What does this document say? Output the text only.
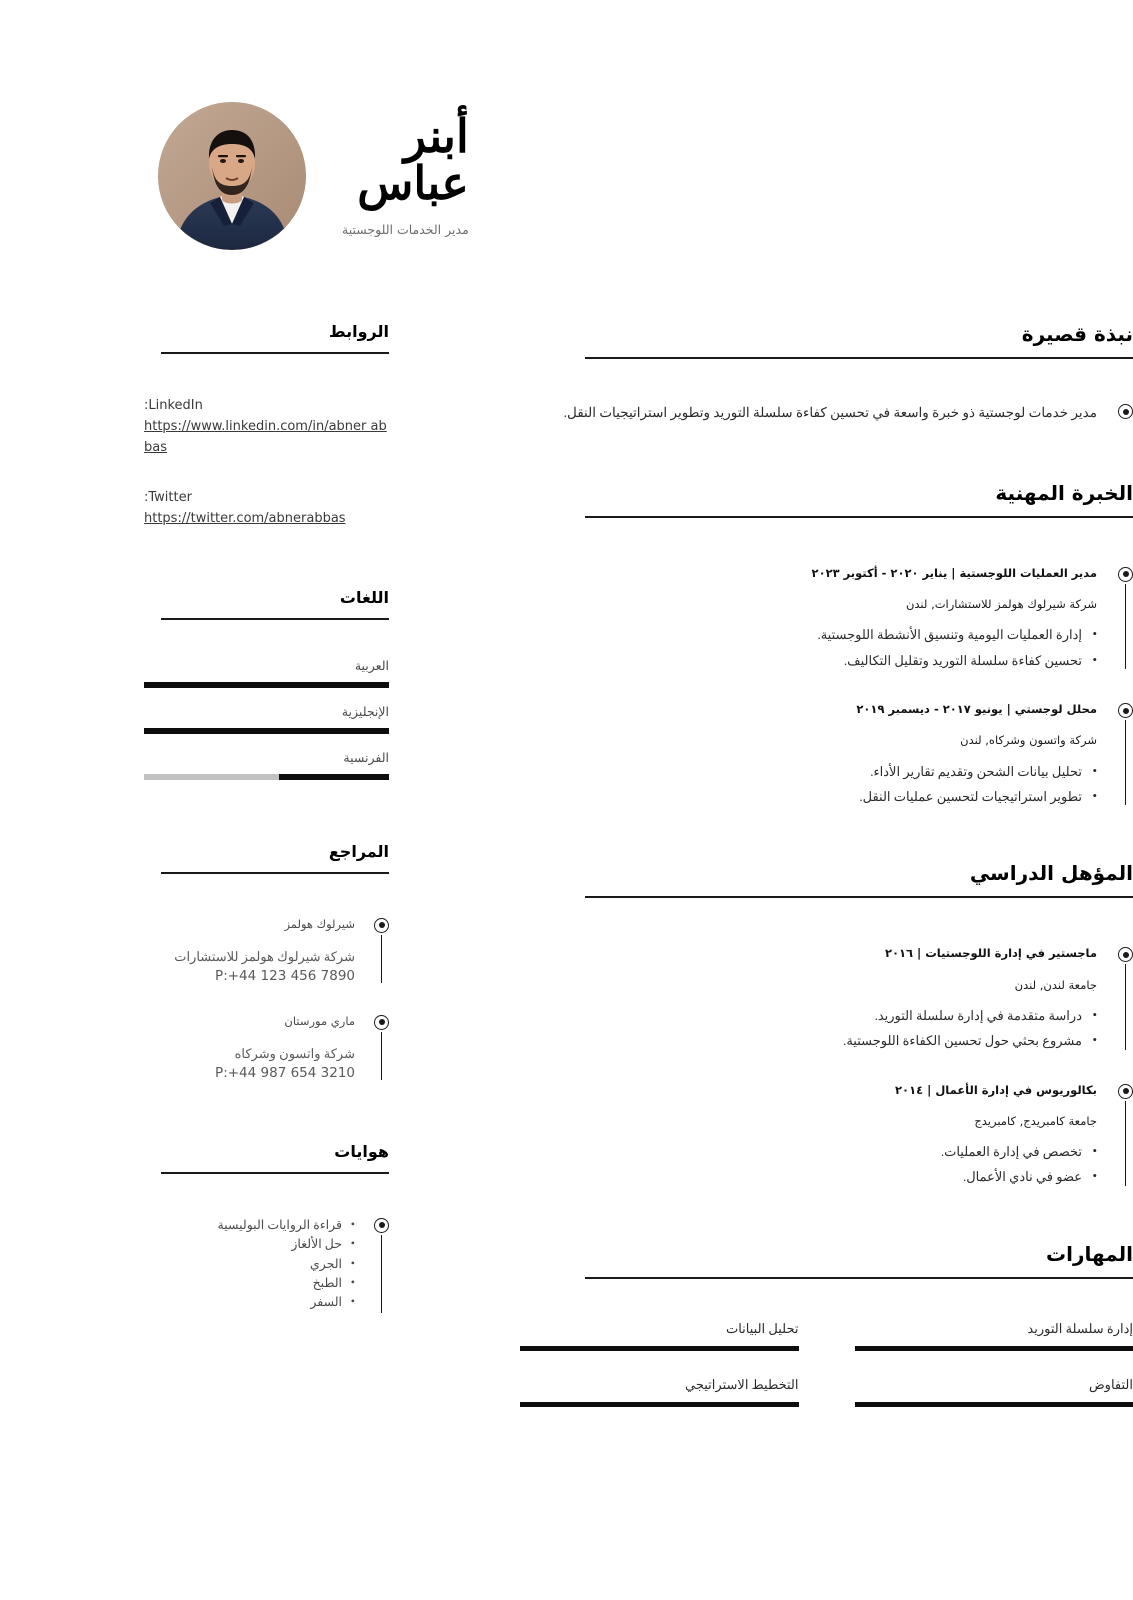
أبنر
عباس
مدير الخدمات اللوجستية
نبذة قصيرة
مدير خدمات لوجستية ذو خبرة واسعة في تحسين كفاءة سلسلة التوريد وتطوير استراتيجيات النقل.
الخبرة المهنية
مدير العمليات اللوجستية | يناير ٢٠٢٠ - أكتوبر ٢٠٢٣
شركة شيرلوك هولمز للاستشارات, لندن
• إدارة العمليات اليومية وتنسيق الأنشطة اللوجستية.
• تحسين كفاءة سلسلة التوريد وتقليل التكاليف.
محلل لوجستي | يونيو ٢٠١٧ - ديسمبر ٢٠١٩
شركة واتسون وشركاه, لندن
• تحليل بيانات الشحن وتقديم تقارير الأداء.
• تطوير استراتيجيات لتحسين عمليات النقل.
المؤهل الدراسي
ماجستير في إدارة اللوجستيات | ٢٠١٦
جامعة لندن, لندن
• دراسة متقدمة في إدارة سلسلة التوريد.
• مشروع بحثي حول تحسين الكفاءة اللوجستية.
بكالوريوس في إدارة الأعمال | ٢٠١٤
جامعة كامبريدج, كامبريدج
• تخصص في إدارة العمليات.
• عضو في نادي الأعمال.
المهارات
إدارة سلسلة التوريد
التفاوض
تحليل البيانات
التخطيط الاستراتيجي
الروابط
:LinkedIn
https://www.linkedin.com/in/abner abbas
:Twitter
https://twitter.com/abnerabbas
اللغات
العربية
الإنجليزية
الفرنسية
المراجع
شيرلوك هولمز
شركة شيرلوك هولمز للاستشارات
P:+44 123 456 7890
ماري مورستان
شركة واتسون وشركاه
P:+44 987 654 3210
هوايات
• قراءة الروايات البوليسية
• حل الألغاز
• الجري
• الطبخ
• السفر
